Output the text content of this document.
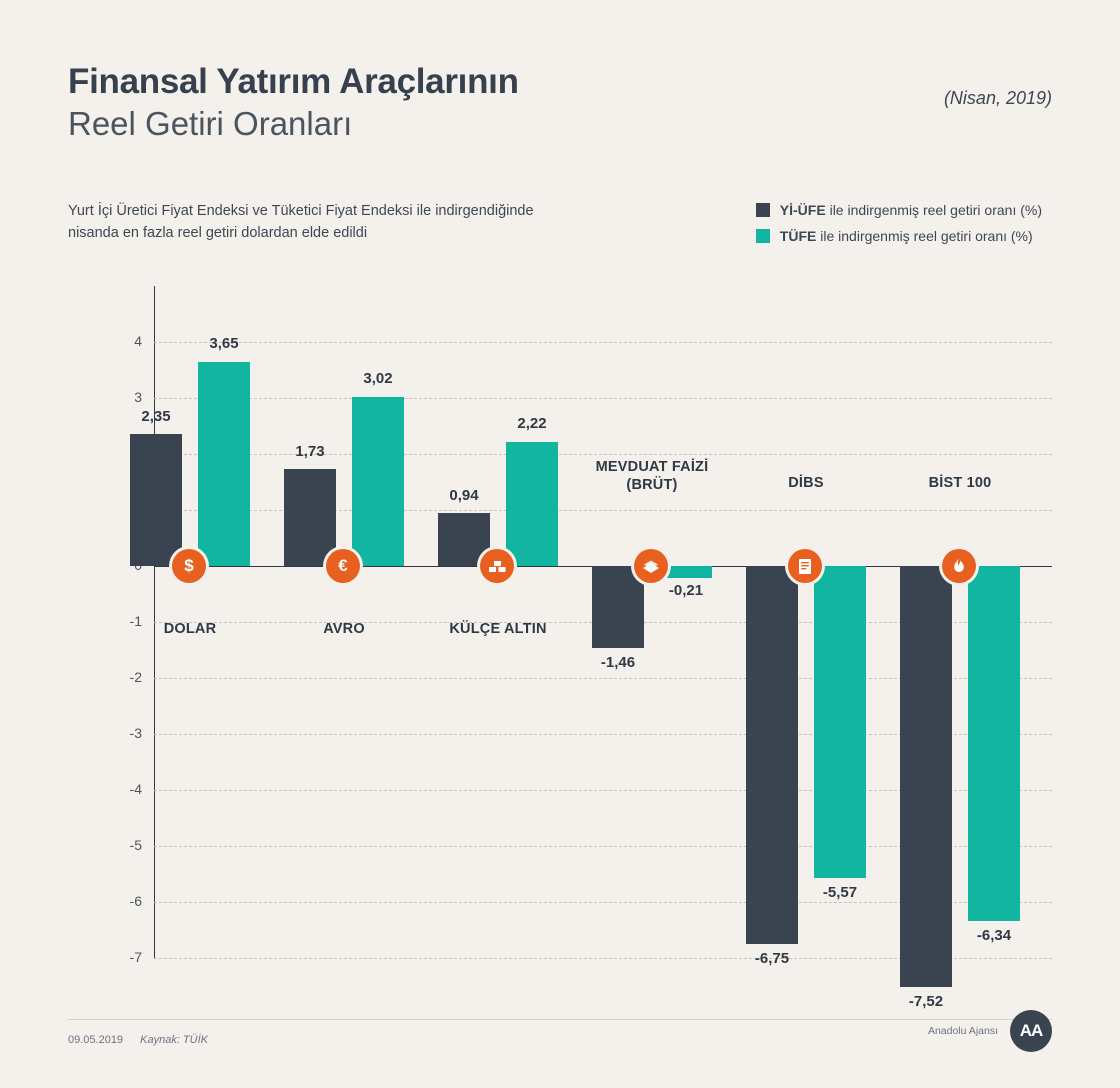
Finansal Yatırım Araçlarının
Reel Getiri Oranları
(Nisan, 2019)
Yurt İçi Üretici Fiyat Endeksi ve Tüketici Fiyat Endeksi ile indirgendiğinde nisanda en fazla reel getiri dolardan elde edildi
Yİ-ÜFE ile indirgenmiş reel getiri oranı (%)
TÜFE ile indirgenmiş reel getiri oranı (%)
4
3
-1
-2
-3
-4
-5
-6
-7
2,35
3,65
$
DOLAR
1,73
3,02
€
AVRO
0,94
2,22
KÜLÇE ALTIN
-1,46
-0,21
MEVDUAT FAİZİ
(BRÜT)
-6,75
-5,57
DİBS
-7,52
-6,34
BİST 100
09.05.2019 Kaynak: TÜİK
Anadolu Ajansı	AA
